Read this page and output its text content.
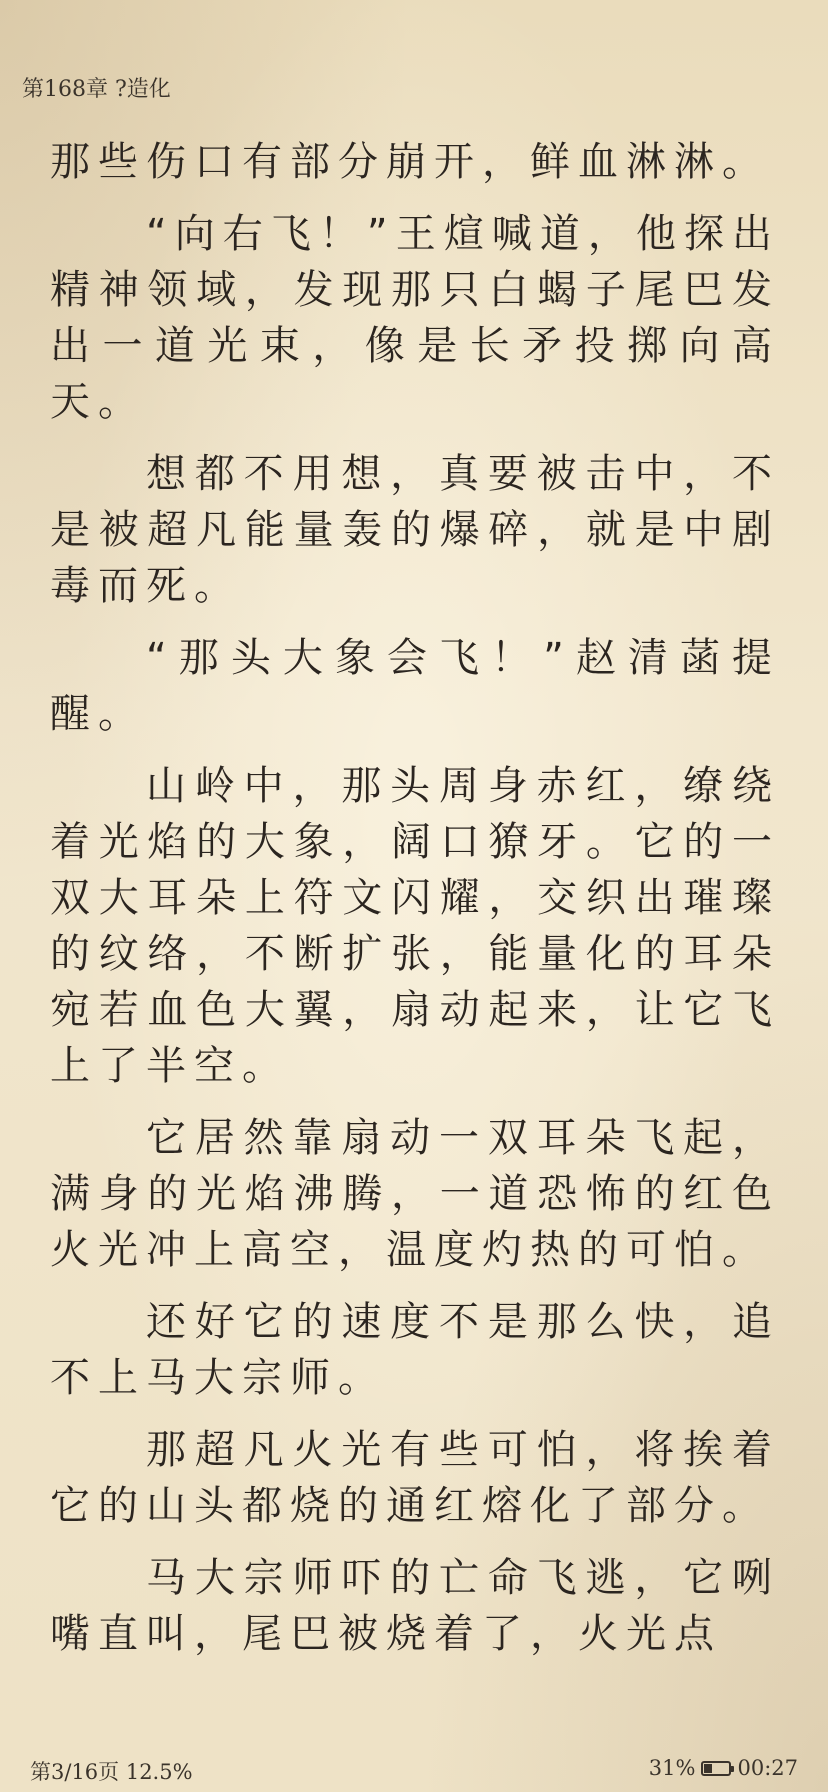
第168章 ?造化

那些伤口有部分崩开，鲜血淋淋。

“向右飞！”王煊喊道，他探出精神领域，发现那只白蝎子尾巴发出一道光束，像是长矛投掷向高天。

想都不用想，真要被击中，不是被超凡能量轰的爆碎，就是中剧毒而死。

“那头大象会飞！”赵清菡提醒。

山岭中，那头周身赤红，缭绕着光焰的大象，阔口獠牙。它的一双大耳朵上符文闪耀，交织出璀璨的纹络，不断扩张，能量化的耳朵宛若血色大翼，扇动起来，让它飞上了半空。

它居然靠扇动一双耳朵飞起，满身的光焰沸腾，一道恐怖的红色火光冲上高空，温度灼热的可怕。

还好它的速度不是那么快，追不上马大宗师。

那超凡火光有些可怕，将挨着它的山头都烧的通红熔化了部分。

马大宗师吓的亡命飞逃，它咧嘴直叫，尾巴被烧着了，火光点

第3/16页 12.5%	31% 00:27
